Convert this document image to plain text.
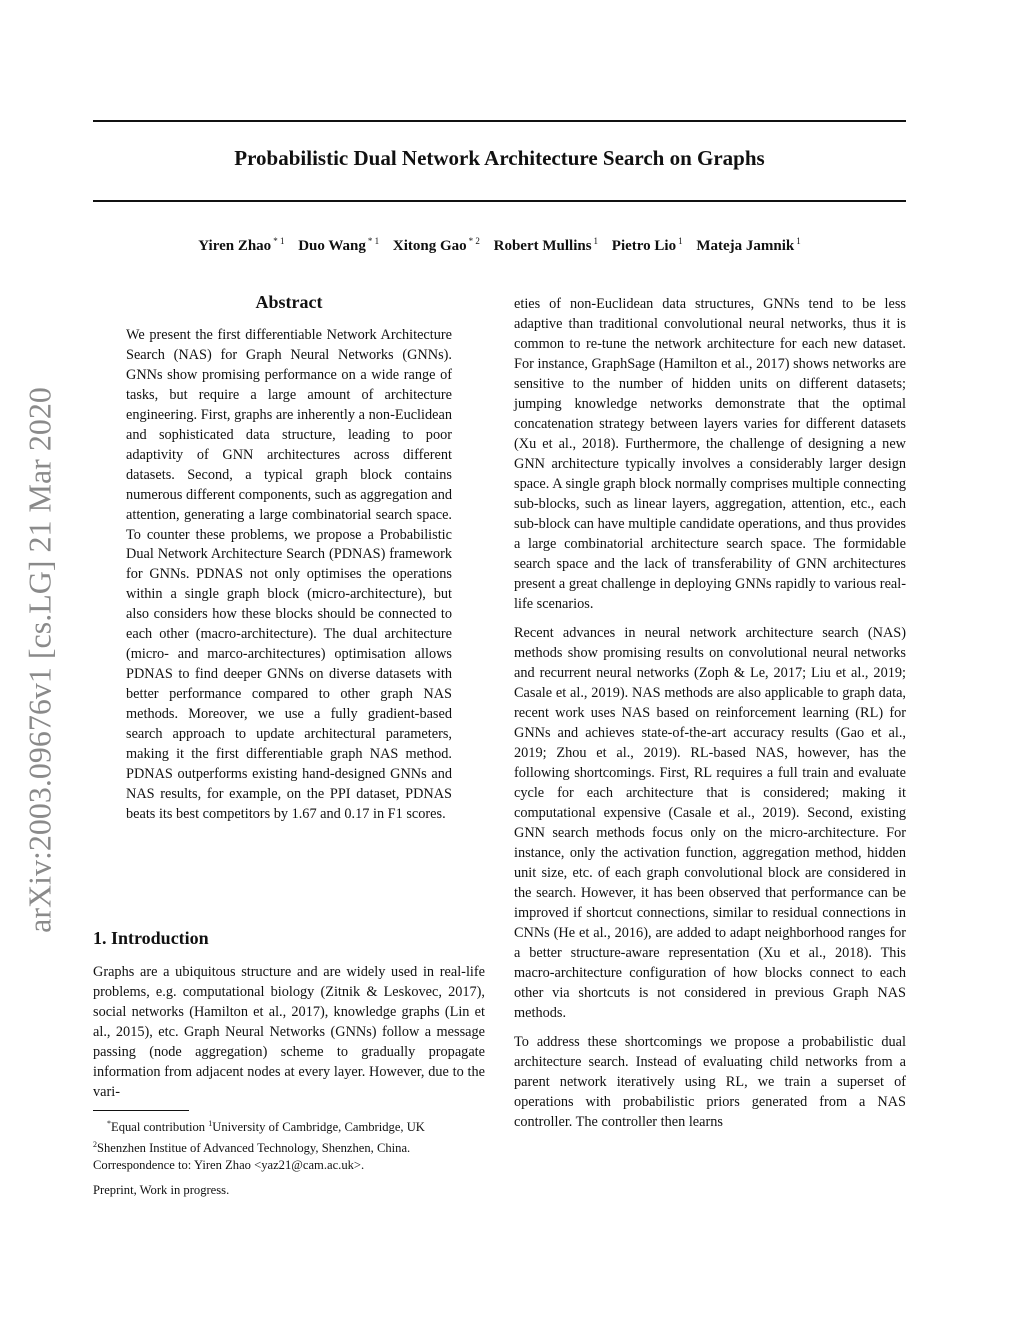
Probabilistic Dual Network Architecture Search on Graphs
Yiren Zhao $^{* 1}$ Duo Wang $^{* 1}$ Xitong Gao $^{* 2}$ Robert Mullins $^1$ Pietro Lio $^1$ Mateja Jamnik $^1$
arXiv:2003.09676v1 [cs.LG] 21 Mar 2020
Abstract

We present the first differentiable Network Architecture Search (NAS) for Graph Neural Networks (GNNs). GNNs show promising performance on a wide range of tasks, but require a large amount of architecture engineering. First, graphs are inherently a non-Euclidean and sophisticated data structure, leading to poor adaptivity of GNN architectures across different datasets. Second, a typical graph block contains numerous different components, such as aggregation and attention, generating a large combinatorial search space. To counter these problems, we propose a Probabilistic Dual Network Architecture Search (PDNAS) framework for GNNs. PDNAS not only optimises the operations within a single graph block (micro-architecture), but also considers how these blocks should be connected to each other (macro-architecture). The dual architecture (micro- and marco-architectures) optimisation allows PDNAS to find deeper GNNs on diverse datasets with better performance compared to other graph NAS methods. Moreover, we use a fully gradient-based search approach to update architectural parameters, making it the first differentiable graph NAS method. PDNAS outperforms existing hand-designed GNNs and NAS results, for example, on the PPI dataset, PDNAS beats its best competitors by 1.67 and 0.17 in F1 scores.

1. Introduction

Graphs are a ubiquitous structure and are widely used in real-life problems, e.g. computational biology (Zitnik & Leskovec, 2017), social networks (Hamilton et al., 2017), knowledge graphs (Lin et al., 2015), etc. Graph Neural Networks (GNNs) follow a message passing (node aggregation) scheme to gradually propagate information from adjacent nodes at every layer. However, due to the vari-

*Equal contribution $^1$University of Cambridge, Cambridge, UK
$^2$Shenzhen Institue of Advanced Technology, Shenzhen, China.
Correspondence to: Yiren Zhao <yaz21@cam.ac.uk>.

Preprint, Work in progress.

eties of non-Euclidean data structures, GNNs tend to be less adaptive than traditional convolutional neural networks, thus it is common to re-tune the network architecture for each new dataset. For instance, GraphSage (Hamilton et al., 2017) shows networks are sensitive to the number of hidden units on different datasets; jumping knowledge networks demonstrate that the optimal concatenation strategy between layers varies for different datasets (Xu et al., 2018). Furthermore, the challenge of designing a new GNN architecture typically involves a considerably larger design space. A single graph block normally comprises multiple connecting sub-blocks, such as linear layers, aggregation, attention, etc., each sub-block can have multiple candidate operations, and thus provides a large combinatorial architecture search space. The formidable search space and the lack of transferability of GNN architectures present a great challenge in deploying GNNs rapidly to various real-life scenarios.

Recent advances in neural network architecture search (NAS) methods show promising results on convolutional neural networks and recurrent neural networks (Zoph & Le, 2017; Liu et al., 2019; Casale et al., 2019). NAS methods are also applicable to graph data, recent work uses NAS based on reinforcement learning (RL) for GNNs and achieves state-of-the-art accuracy results (Gao et al., 2019; Zhou et al., 2019). RL-based NAS, however, has the following shortcomings. First, RL requires a full train and evaluate cycle for each architecture that is considered; making it computational expensive (Casale et al., 2019). Second, existing GNN search methods focus only on the micro-architecture. For instance, only the activation function, aggregation method, hidden unit size, etc. of each graph convolutional block are considered in the search. However, it has been observed that performance can be improved if shortcut connections, similar to residual connections in CNNs (He et al., 2016), are added to adapt neighborhood ranges for a better structure-aware representation (Xu et al., 2018). This macro-architecture configuration of how blocks connect to each other via shortcuts is not considered in previous Graph NAS methods.

To address these shortcomings we propose a probabilistic dual architecture search. Instead of evaluating child networks from a parent network iteratively using RL, we train a superset of operations with probabilistic priors generated from a NAS controller. The controller then learns
